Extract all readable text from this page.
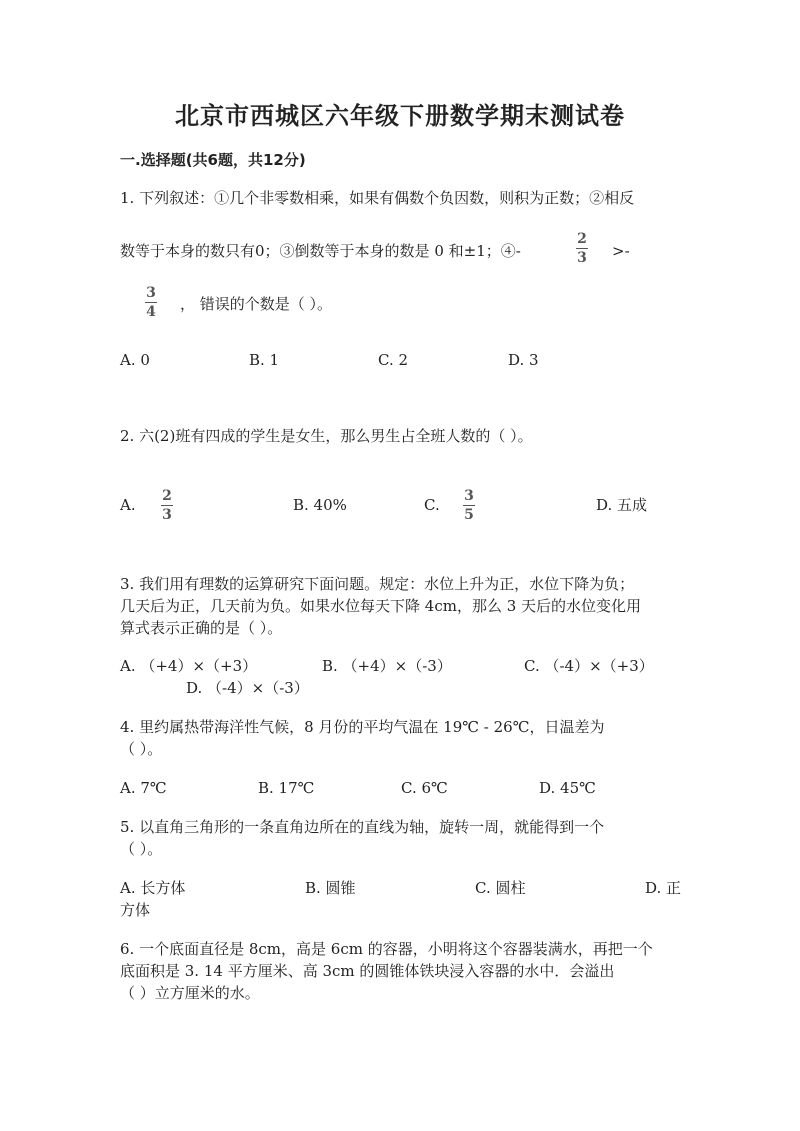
北京市西城区六年级下册数学期末测试卷
一.选择题(共6题，共12分)
1. 下列叙述：①几个非零数相乘，如果有偶数个负因数，则积为正数；②相反
数等于本身的数只有0；③倒数等于本身的数是 0 和±1；④-
2
3 >-
3
4 ， 错误的个数是（ ）。
A. 0	B. 1	C. 2	D. 3
2. 六(2)班有四成的学生是女生，那么男生占全班人数的（ ）。
A. 2
3
B. 40%	C. 3
5
D. 五成
3. 我们用有理数的运算研究下面问题。规定：水位上升为正，水位下降为负；
几天后为正，几天前为负。如果水位每天下降 4cm，那么 3 天后的水位变化用
算式表示正确的是（ ）。
A. （+4）×（+3）	B. （+4）×（-3）	C. （-4）×（+3）
D. （-4）×（-3）
4. 里约属热带海洋性气候，8 月份的平均气温在 19℃ - 26℃，日温差为
（ ）。
A. 7℃	B. 17℃	C. 6℃	D. 45℃
5. 以直角三角形的一条直角边所在的直线为轴，旋转一周，就能得到一个
（ ）。
A. 长方体	B. 圆锥	C. 圆柱	D. 正
方体
6. 一个底面直径是 8cm，高是 6cm 的容器，小明将这个容器装满水，再把一个
底面积是 3. 14 平方厘米、高 3cm 的圆锥体铁块浸入容器的水中．会溢出
（ ）立方厘米的水。
